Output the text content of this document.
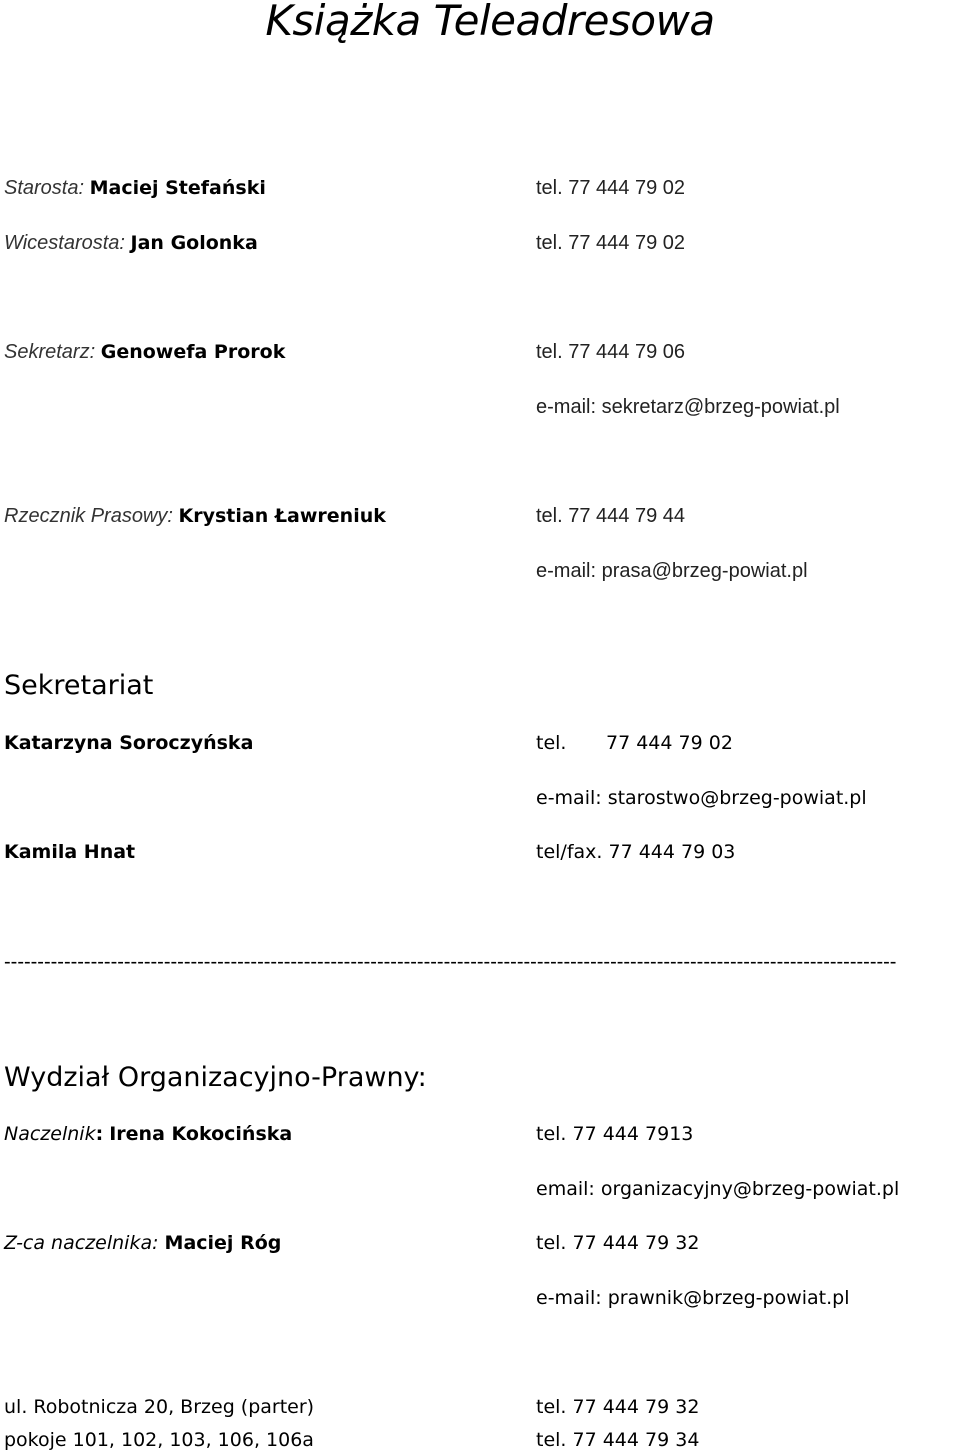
Książka Teleadresowa
Starosta: Maciej Stefański	tel. 77 444 79 02
Wicestarosta: Jan Golonka	tel. 77 444 79 02
Sekretarz: Genowefa Prorok	tel. 77 444 79 06
e-mail: sekretarz@brzeg-powiat.pl
Rzecznik Prasowy: Krystian Ławreniuk	tel. 77 444 79 44
e-mail: prasa@brzeg-powiat.pl
Sekretariat
Katarzyna Soroczyńska	tel. 77 444 79 02
e-mail: starostwo@brzeg-powiat.pl
Kamila Hnat	tel/fax. 77 444 79 03
--------------------------------------------------------------------------------------------------------------------------------------
Wydział Organizacyjno-Prawny:
Naczelnik: Irena Kokocińska	tel. 77 444 7913
email: organizacyjny@brzeg-powiat.pl
Z-ca naczelnika: Maciej Róg	tel. 77 444 79 32
e-mail: prawnik@brzeg-powiat.pl
ul. Robotnicza 20, Brzeg (parter)	tel. 77 444 79 32
pokoje 101, 102, 103, 106, 106a	tel. 77 444 79 34
